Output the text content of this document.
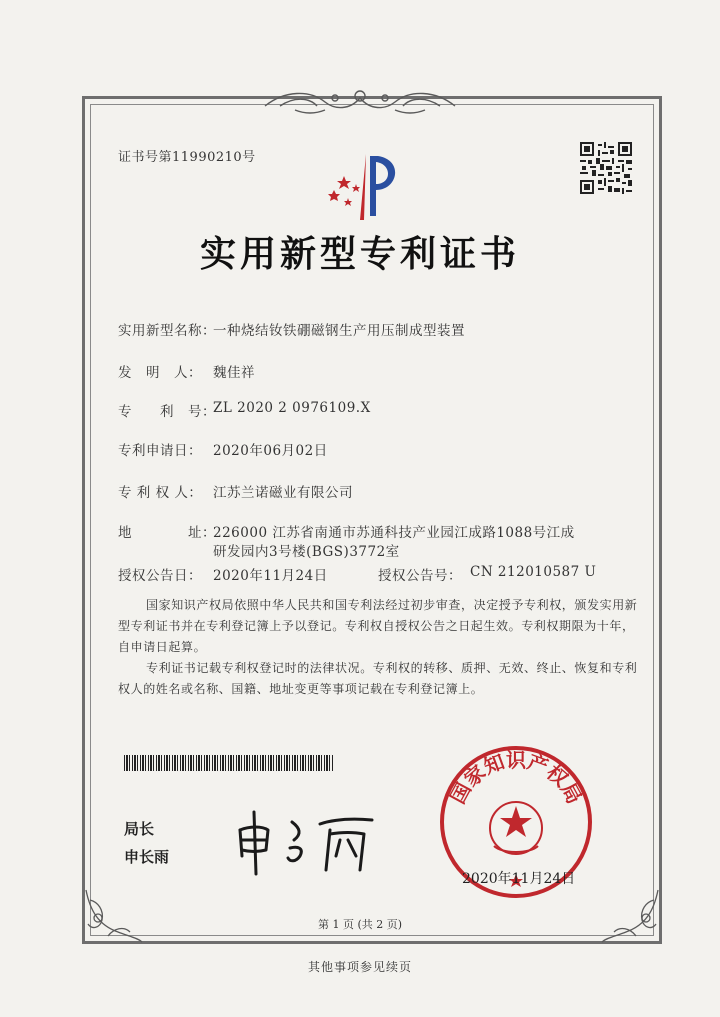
证书号第11990210号
实用新型专利证书
实用新型名称：
一种烧结钕铁硼磁钢生产用压制成型装置
发　明　人： 魏佳祥
专　　利　号：
ZL 2020 2 0976109.X
专利申请日： 2020年06月02日
专 利 权 人： 江苏兰诺磁业有限公司
地　　　　址：
226000 江苏省南通市苏通科技产业园江成路1088号江成
研发园内3号楼(BGS)3772室
授权公告日： 2020年11月24日	授权公告号： CN 212010587 U
国家知识产权局依照中华人民共和国专利法经过初步审查，决定授予专利权，颁发实用新型专利证书并在专利登记簿上予以登记。专利权自授权公告之日起生效。专利权期限为十年，自申请日起算。
专利证书记载专利权登记时的法律状况。专利权的转移、质押、无效、终止、恢复和专利权人的姓名或名称、国籍、地址变更等事项记载在专利登记簿上。
局长
申长雨
国家知识产权局
2020年11月24日
第 1 页 (共 2 页)
其他事项参见续页
